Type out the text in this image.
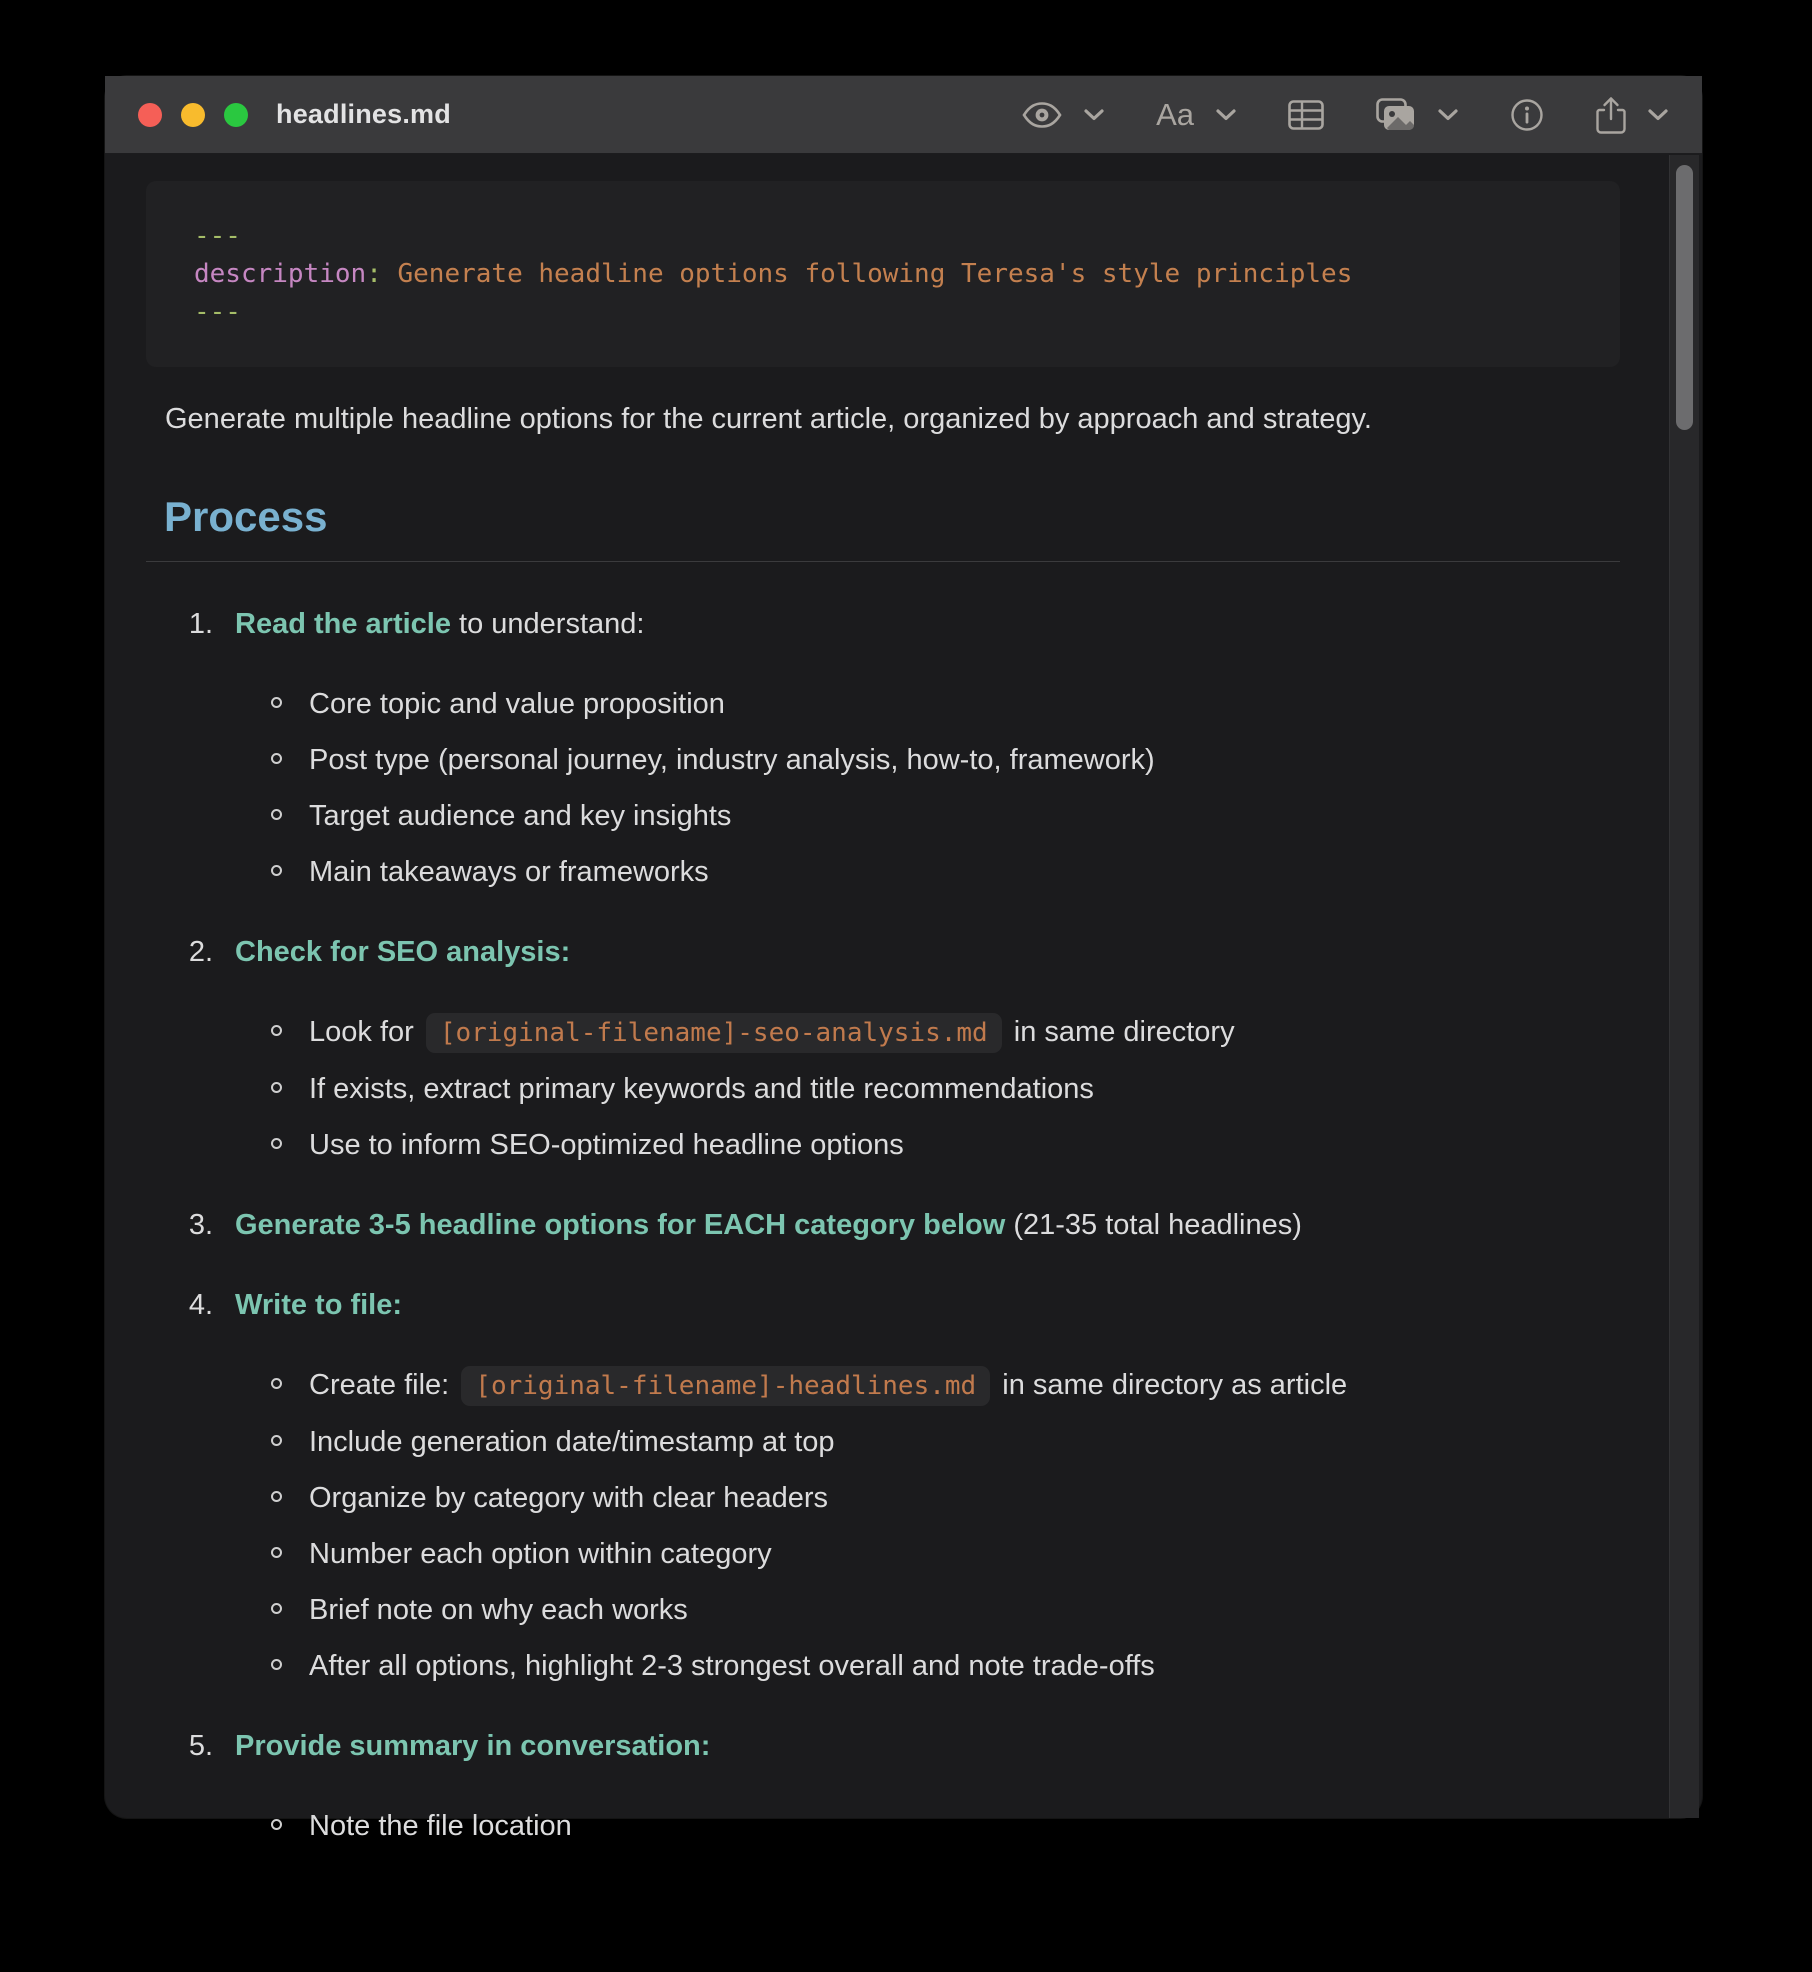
headlines.md	Aa
---
description: Generate headline options following Teresa's style principles
---

Generate multiple headline options for the current article, organized by approach and strategy.

Process
1. Read the article to understand:
Core topic and value proposition
Post type (personal journey, industry analysis, how-to, framework)
Target audience and key insights
Main takeaways or frameworks
2. Check for SEO analysis:
Look for [original-filename]-seo-analysis.md in same directory
If exists, extract primary keywords and title recommendations
Use to inform SEO-optimized headline options
3. Generate 3-5 headline options for EACH category below (21-35 total headlines)
4. Write to file:
Create file: [original-filename]-headlines.md in same directory as article
Include generation date/timestamp at top
Organize by category with clear headers
Number each option within category
Brief note on why each works
After all options, highlight 2-3 strongest overall and note trade-offs
5. Provide summary in conversation:
Note the file location
